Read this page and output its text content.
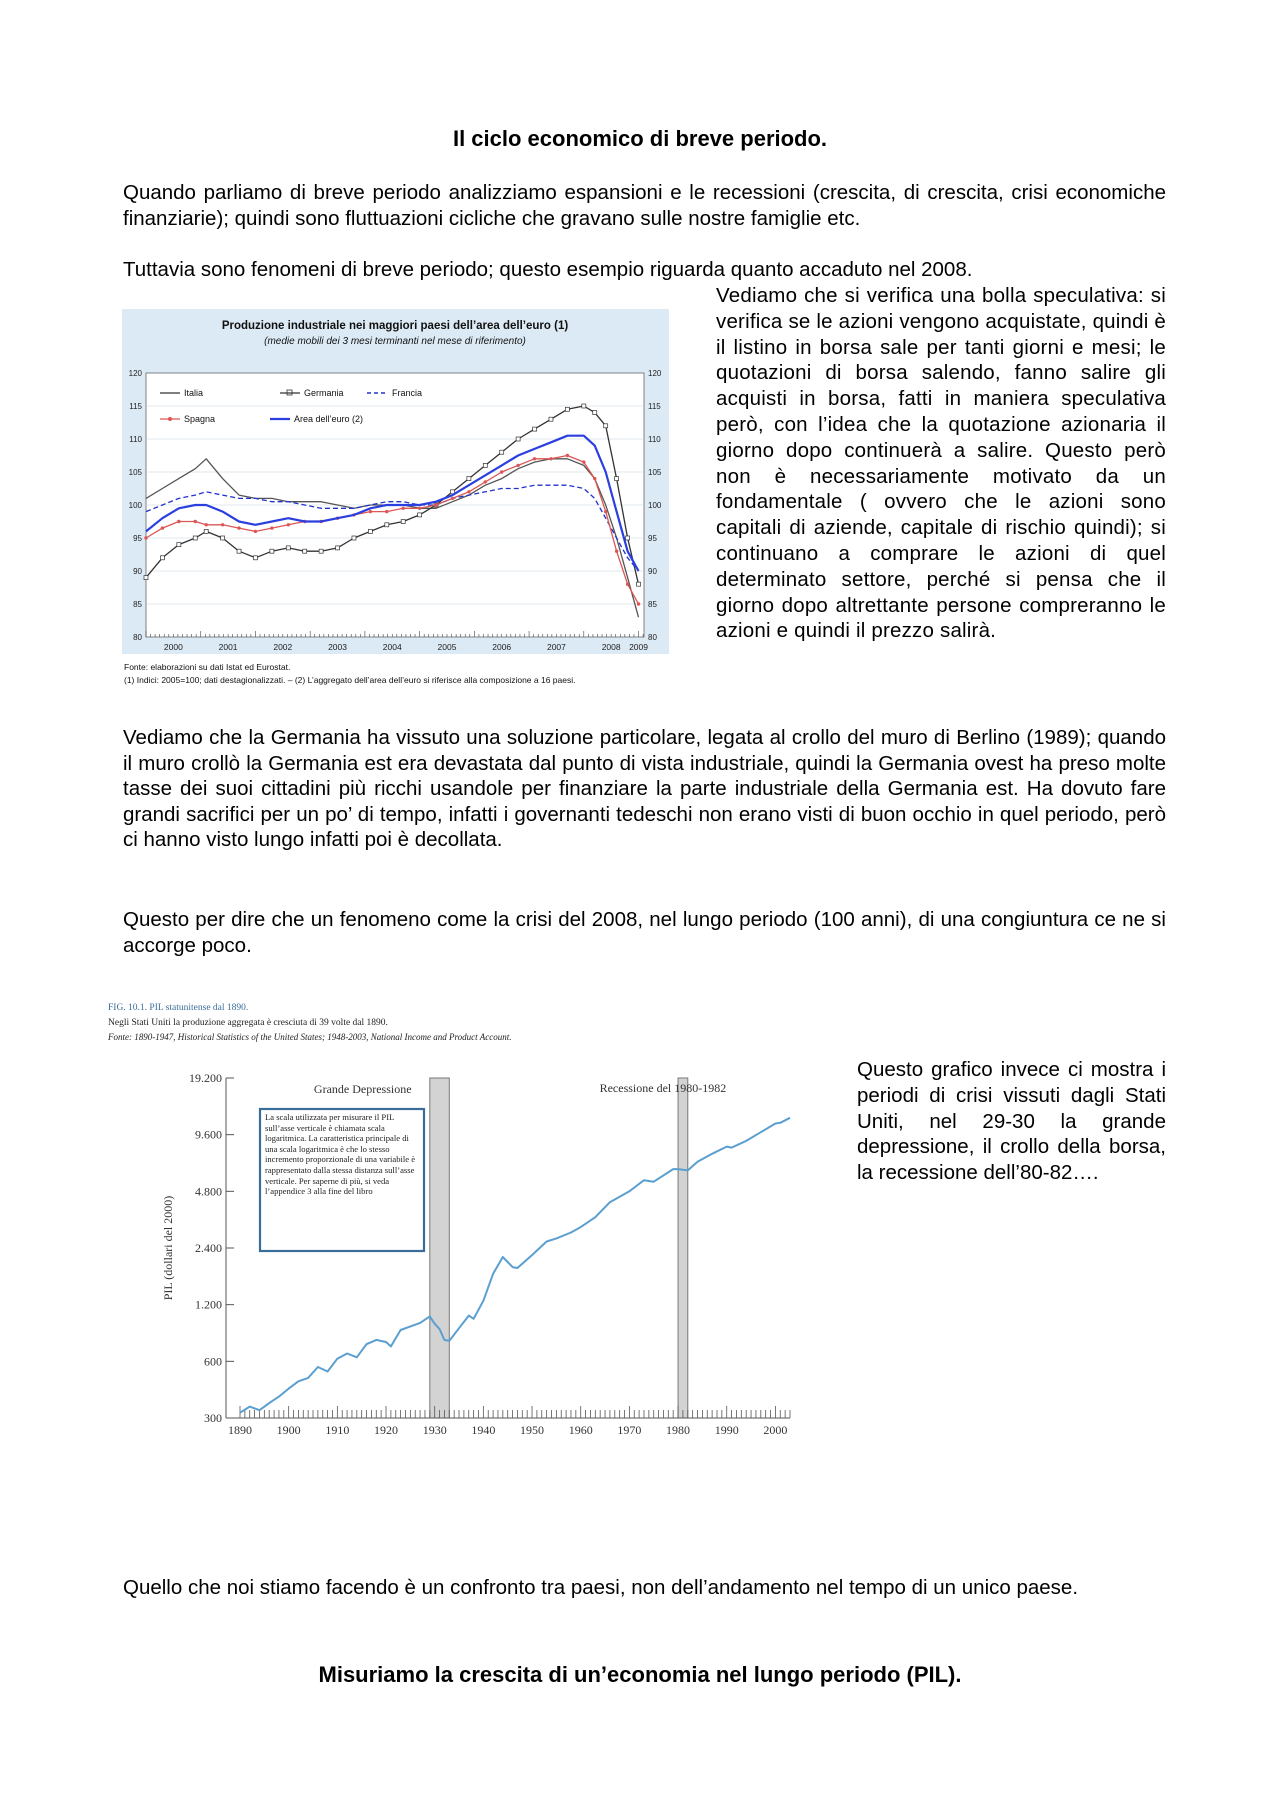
Il ciclo economico di breve periodo.

Quando parliamo di breve periodo analizziamo espansioni e le recessioni (crescita, di crescita, crisi economiche finanziarie); quindi sono fluttuazioni cicliche che gravano sulle nostre famiglie etc.

Tuttavia sono fenomeni di breve periodo; questo esempio riguarda quanto accaduto nel 2008.

Produzione industriale nei maggiori paesi dell’area dell’euro (1)
(medie mobili dei 3 mesi terminanti nel mese di riferimento)
120
115
110
105
100
95
90
85
80
120
115
110
105
100
95
90
85
80
2000	2001	2002	2003	2004	2005	2006	2007	2008 2009
Italia	Germania	Francia
Spagna	Area dell’euro (2)
Fonte: elaborazioni su dati Istat ed Eurostat.
(1) Indici: 2005=100; dati destagionalizzati. – (2) L’aggregato dell’area dell’euro si riferisce alla composizione a 16 paesi.

Vediamo che si verifica una bolla speculativa: si verifica se le azioni vengono acquistate, quindi è il listino in borsa sale per tanti giorni e mesi; le quotazioni di borsa salendo, fanno salire gli acquisti in borsa, fatti in maniera speculativa però, con l’idea che la quotazione azionaria il giorno dopo continuerà a salire. Questo però non è necessariamente motivato da un fondamentale ( ovvero che le azioni sono capitali di aziende, capitale di rischio quindi); si continuano a comprare le azioni di quel determinato settore, perché si pensa che il giorno dopo altrettante persone compreranno le azioni e quindi il prezzo salirà.

Vediamo che la Germania ha vissuto una soluzione particolare, legata al crollo del muro di Berlino (1989); quando il muro crollò la Germania est era devastata dal punto di vista industriale, quindi la Germania ovest ha preso molte tasse dei suoi cittadini più ricchi usandole per finanziare la parte industriale della Germania est. Ha dovuto fare grandi sacrifici per un po’ di tempo, infatti i governanti tedeschi non erano visti di buon occhio in quel periodo, però ci hanno visto lungo infatti poi è decollata.

Questo per dire che un fenomeno come la crisi del 2008, nel lungo periodo (100 anni), di una congiuntura ce ne si accorge poco.

FIG. 10.1. PIL statunitense dal 1890.
Negli Stati Uniti la produzione aggregata è cresciuta di 39 volte dal 1890.
Fonte: 1890-1947, Historical Statistics of the United States; 1948-2003, National Income and Product Account.
19.200
9.600
4.800
2.400
1.200
600
300
1890 1900 1910 1920 1930 1940 1950 1960 1970 1980 1990 2000
PIL (dollari del 2000)
Grande Depressione	Recessione del 1980-1982
La scala utilizzata per misurare il PIL sull’asse verticale è chiamata scala logaritmica. La caratteristica principale di una scala logaritmica è che lo stesso incremento proporzionale di una variabile è rappresentato dalla stessa distanza sull’asse verticale. Per saperne di più, si veda l’appendice 3 alla fine del libro

Questo grafico invece ci mostra i periodi di crisi vissuti dagli Stati Uniti, nel 29-30 la grande depressione, il crollo della borsa, la recessione dell’80-82….

Quello che noi stiamo facendo è un confronto tra paesi, non dell’andamento nel tempo di un unico paese.

Misuriamo la crescita di un’economia nel lungo periodo (PIL).
